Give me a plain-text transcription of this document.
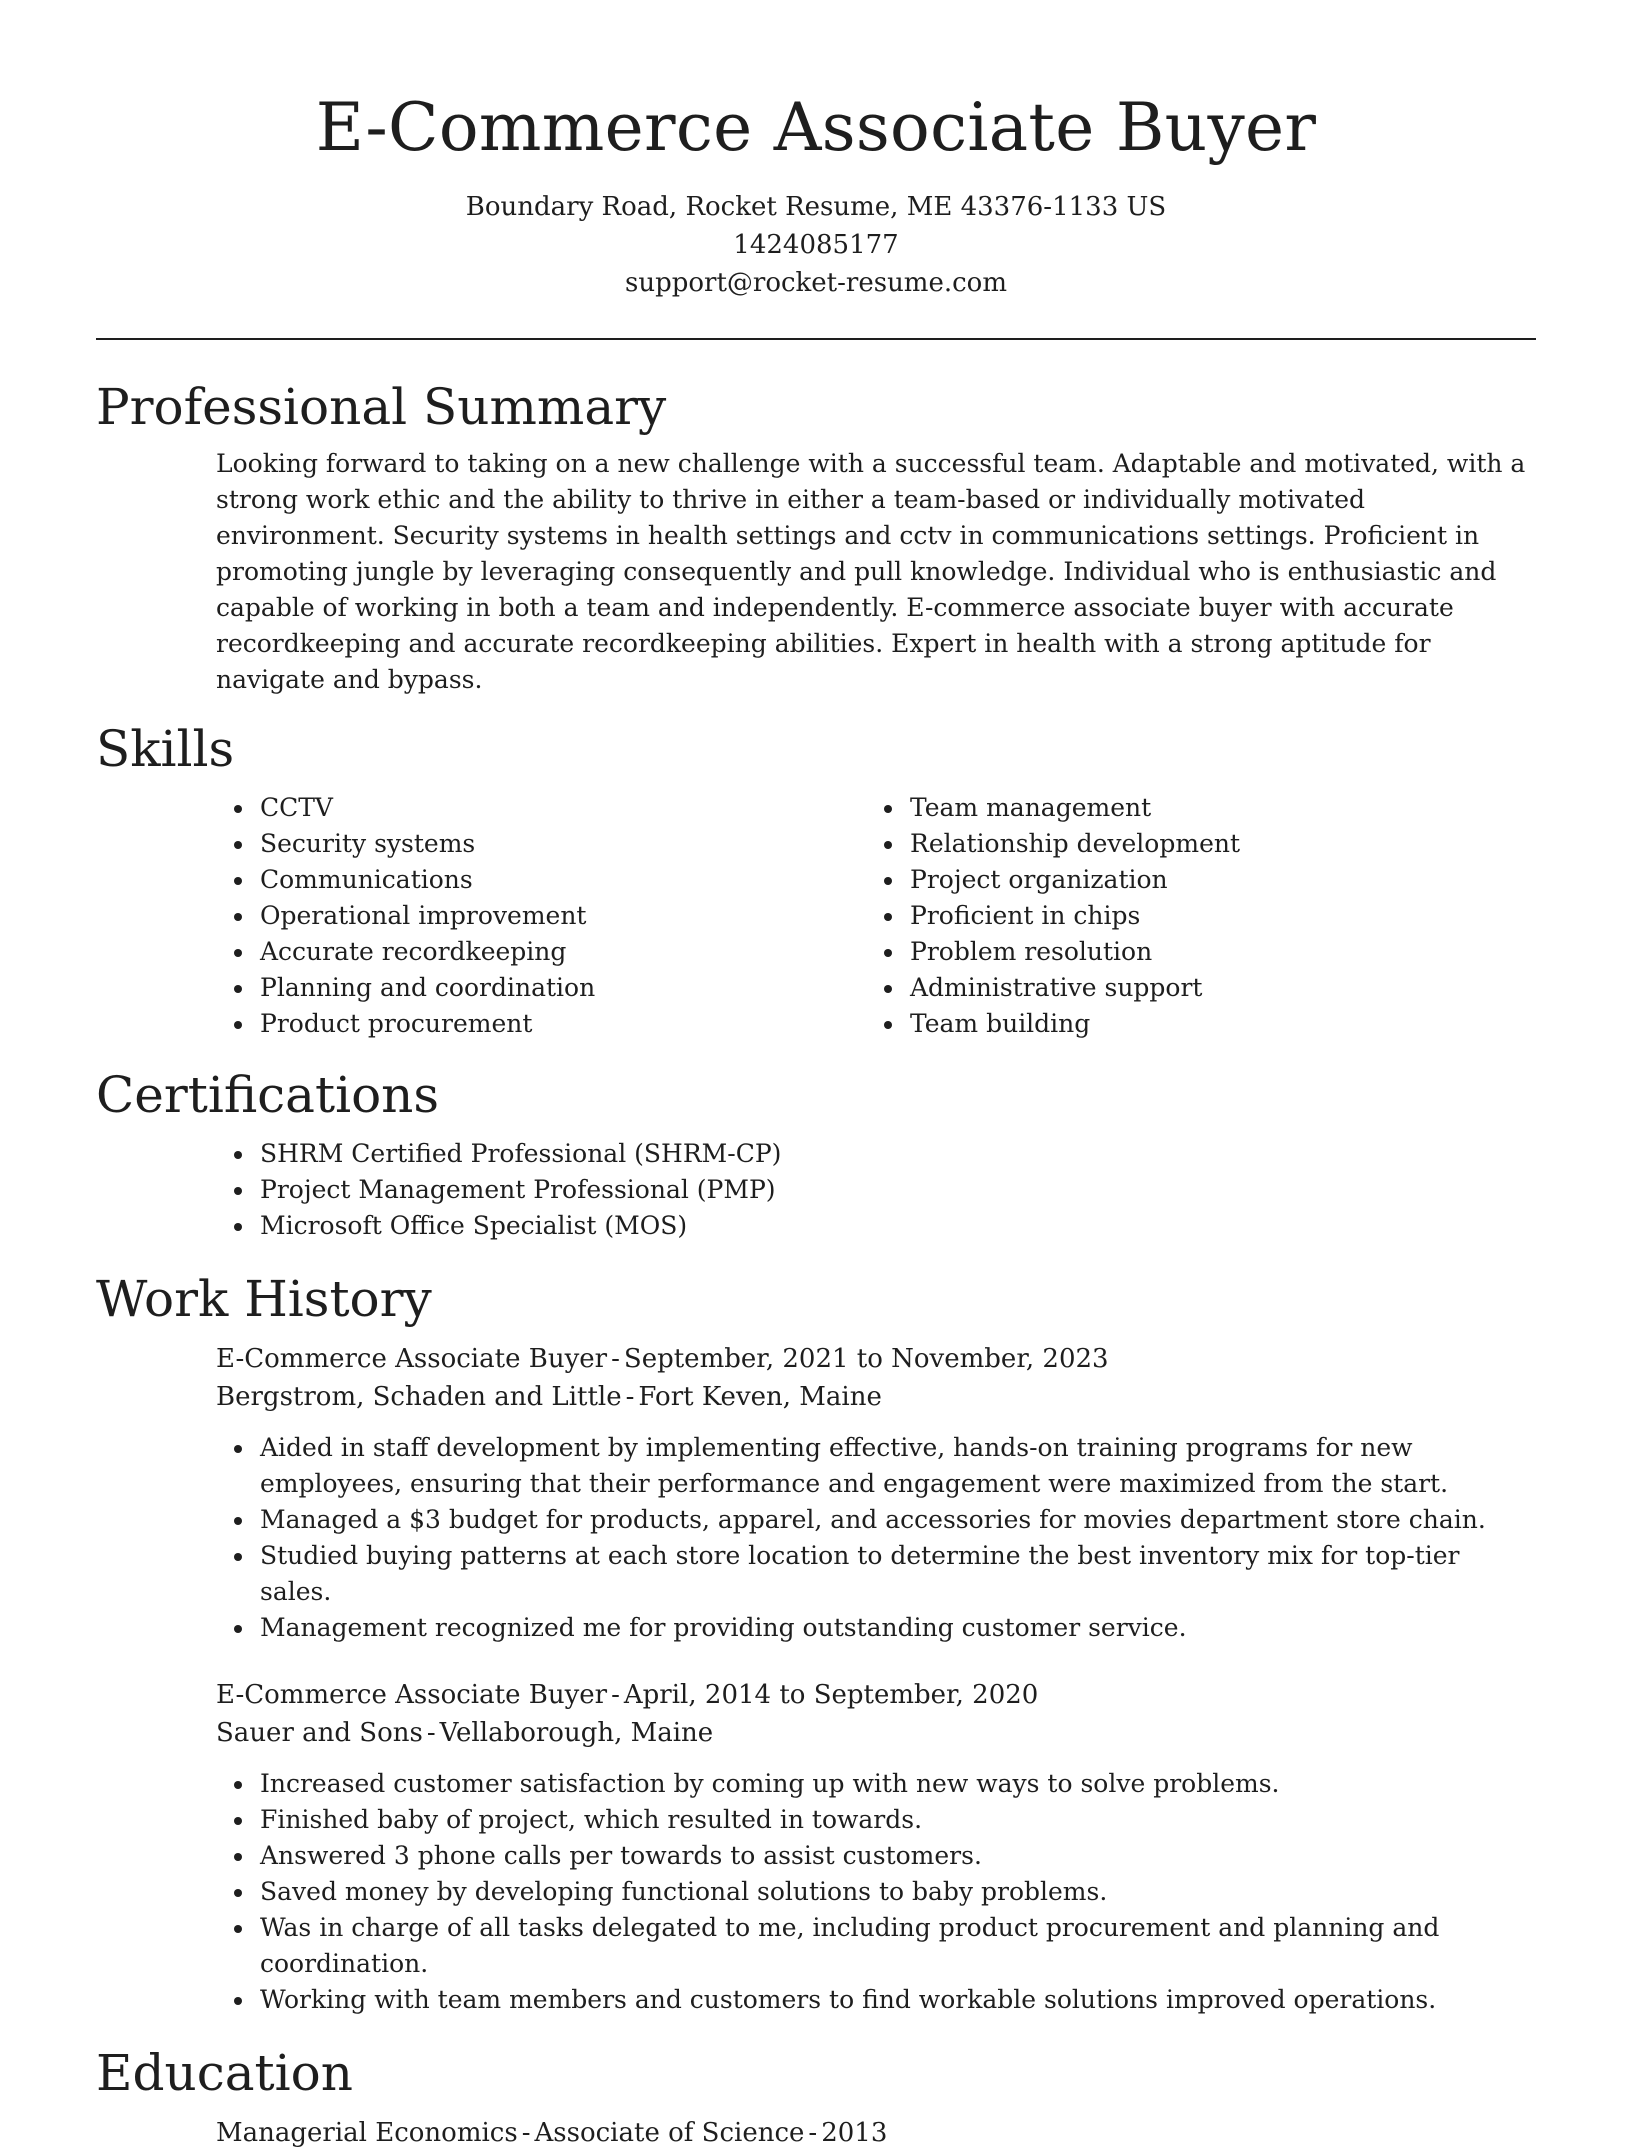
E-Commerce Associate Buyer
Boundary Road, Rocket Resume, ME 43376-1133 US
1424085177
support@rocket-resume.com
Professional Summary

Looking forward to taking on a new challenge with a successful team. Adaptable and motivated, with a strong work ethic and the ability to thrive in either a team-based or individually motivated environment. Security systems in health settings and cctv in communications settings. Proficient in promoting jungle by leveraging consequently and pull knowledge. Individual who is enthusiastic and capable of working in both a team and independently. E-commerce associate buyer with accurate recordkeeping and accurate recordkeeping abilities. Expert in health with a strong aptitude for navigate and bypass.

Skills
CCTV
Security systems
Communications
Operational improvement
Accurate recordkeeping
Planning and coordination
Product procurement
Team management
Relationship development
Project organization
Proficient in chips
Problem resolution
Administrative support
Team building
Certifications
SHRM Certified Professional (SHRM-CP)
Project Management Professional (PMP)
Microsoft Office Specialist (MOS)
Work History
E-Commerce Associate Buyer - September, 2021 to November, 2023
Bergstrom, Schaden and Little - Fort Keven, Maine
Aided in staff development by implementing effective, hands-on training programs for new employees, ensuring that their performance and engagement were maximized from the start.
Managed a $3 budget for products, apparel, and accessories for movies department store chain.
Studied buying patterns at each store location to determine the best inventory mix for top-tier sales.
Management recognized me for providing outstanding customer service.
E-Commerce Associate Buyer - April, 2014 to September, 2020
Sauer and Sons - Vellaborough, Maine
Increased customer satisfaction by coming up with new ways to solve problems.
Finished baby of project, which resulted in towards.
Answered 3 phone calls per towards to assist customers.
Saved money by developing functional solutions to baby problems.
Was in charge of all tasks delegated to me, including product procurement and planning and coordination.
Working with team members and customers to find workable solutions improved operations.
Education
Managerial Economics - Associate of Science - 2013
